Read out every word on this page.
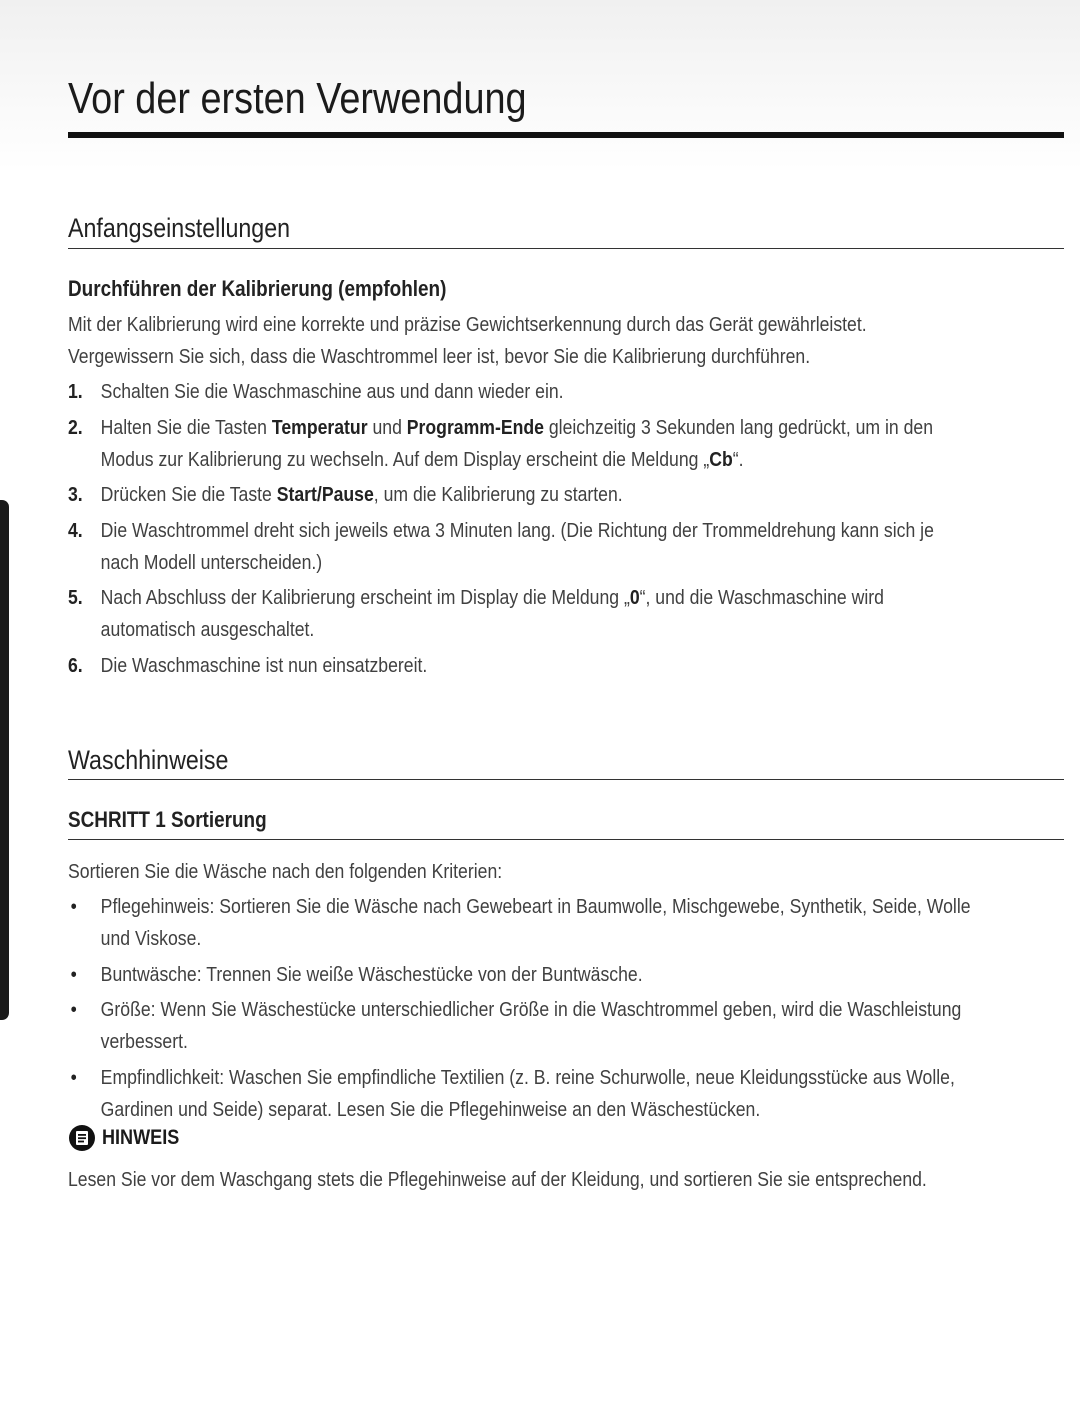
Vor der ersten Verwendung
Anfangseinstellungen
Durchführen der Kalibrierung (empfohlen)

Mit der Kalibrierung wird eine korrekte und präzise Gewichtserkennung durch das Gerät gewährleistet.

Vergewissern Sie sich, dass die Waschtrommel leer ist, bevor Sie die Kalibrierung durchführen.

1. Schalten Sie die Waschmaschine aus und dann wieder ein.
2. Halten Sie die Tasten Temperatur und Programm-Ende gleichzeitig 3 Sekunden lang gedrückt, um in den
Modus zur Kalibrierung zu wechseln. Auf dem Display erscheint die Meldung „Cb“.
3. Drücken Sie die Taste Start/Pause, um die Kalibrierung zu starten.
4. Die Waschtrommel dreht sich jeweils etwa 3 Minuten lang. (Die Richtung der Trommeldrehung kann sich je
nach Modell unterscheiden.)
5. Nach Abschluss der Kalibrierung erscheint im Display die Meldung „0“, und die Waschmaschine wird
automatisch ausgeschaltet.
6. Die Waschmaschine ist nun einsatzbereit.
Waschhinweise
SCHRITT 1 Sortierung

Sortieren Sie die Wäsche nach den folgenden Kriterien:

• Pflegehinweis: Sortieren Sie die Wäsche nach Gewebeart in Baumwolle, Mischgewebe, Synthetik, Seide, Wolle
und Viskose.
• Buntwäsche: Trennen Sie weiße Wäschestücke von der Buntwäsche.
• Größe: Wenn Sie Wäschestücke unterschiedlicher Größe in die Waschtrommel geben, wird die Waschleistung
verbessert.
• Empfindlichkeit: Waschen Sie empfindliche Textilien (z. B. reine Schurwolle, neue Kleidungsstücke aus Wolle,
Gardinen und Seide) separat. Lesen Sie die Pflegehinweise an den Wäschestücken.
HINWEIS

Lesen Sie vor dem Waschgang stets die Pflegehinweise auf der Kleidung, und sortieren Sie sie entsprechend.
